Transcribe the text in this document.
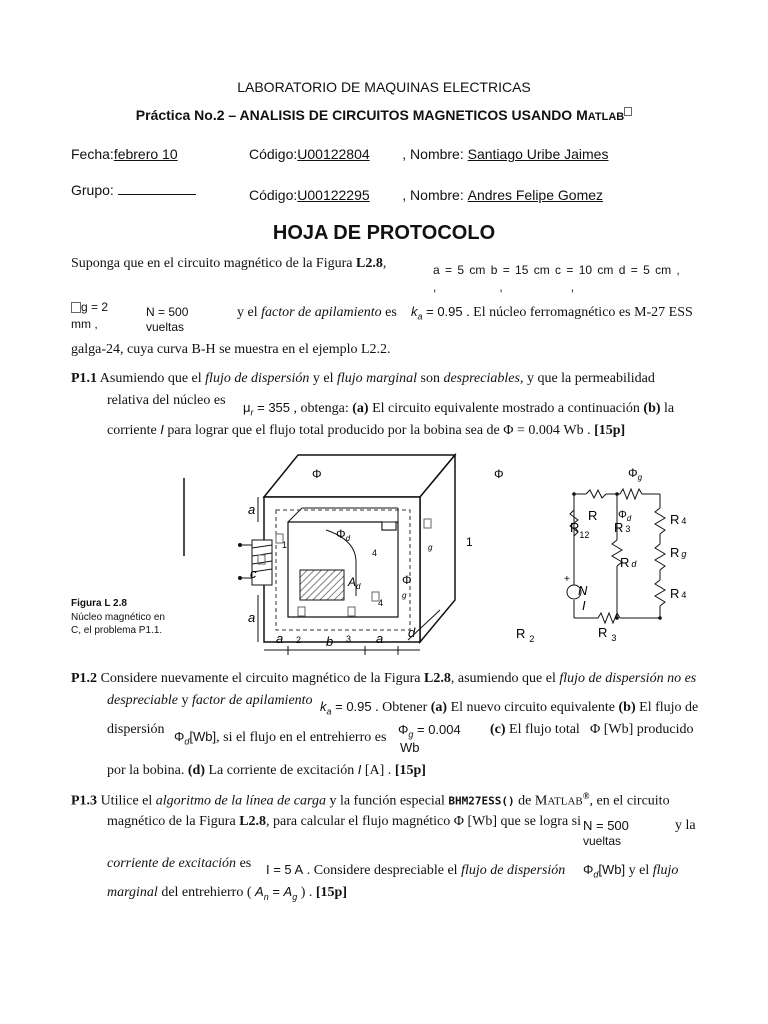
LABORATORIO DE MAQUINAS ELECTRICAS
Práctica No.2 – ANALISIS DE CIRCUITOS MAGNETICOS USANDO MATLAB
Fecha:febrero 10	Código:U00122804 , Nombre: Santiago Uribe Jaimes
Grupo:	Código:U00122295 , Nombre: Andres Felipe Gomez
HOJA DE PROTOCOLO
Suponga que en el circuito magnético de la Figura L2.8,	a = 5 cm b = 15 cm c = 10 cm d = 5 cm ,
,	,	,
g = 2
mm ,
N = 500
vueltas
y el factor de apilamiento es $k_a = 0.95$ . El núcleo ferromagnético es M-27 ESS
galga-24, cuya curva B-H se muestra en el ejemplo L2.2.
P1.1 Asumiendo que el flujo de dispersión y el flujo marginal son despreciables, y que la permeabilidad
relativa del núcleo es $\mu_r = 355$ , obtenga: (a) El circuito equivalente mostrado a continuación (b) la
corriente I para lograr que el flujo total producido por la bobina sea de Φ = 0.004 Wb . [15p]
Φ
a
c
a
a 2 b 3 a d
$\Phi_d$
1
4
$A_d$
4
Φ
g
g	1
Φ	$\Phi_g$
R $\Phi_d$
R 3
$R_12$
R 4
R d
R g
R 4
N
I
R $_2$	R $_3$
+
Figura L 2.8
Núcleo magnético en
C, el problema P1.1.
P1.2 Considere nuevamente el circuito magnético de la Figura L2.8, asumiendo que el flujo de dispersión no es
despreciable y factor de apilamiento $k_a = 0.95$ . Obtener (a) El nuevo circuito equivalente (b) El flujo de
dispersión $\Phi_d[Wb]$, si el flujo en el entrehierro es
$\Phi_g = 0.004$
Wb
(c) El flujo total Φ [Wb] producido
por la bobina. (d) La corriente de excitación I [A] . [15p]
P1.3 Utilice el algoritmo de la línea de carga y la función especial BHM27ESS() de MATLAB®, en el circuito
magnético de la Figura L2.8, para calcular el flujo magnético Φ [Wb] que se logra si N = 500
vueltas
y la
corriente de excitación es I = 5 A . Considere despreciable el flujo de dispersión $\Phi_d[Wb]$ y el flujo
marginal del entrehierro ( $A_n = A_g$ ) . [15p]
